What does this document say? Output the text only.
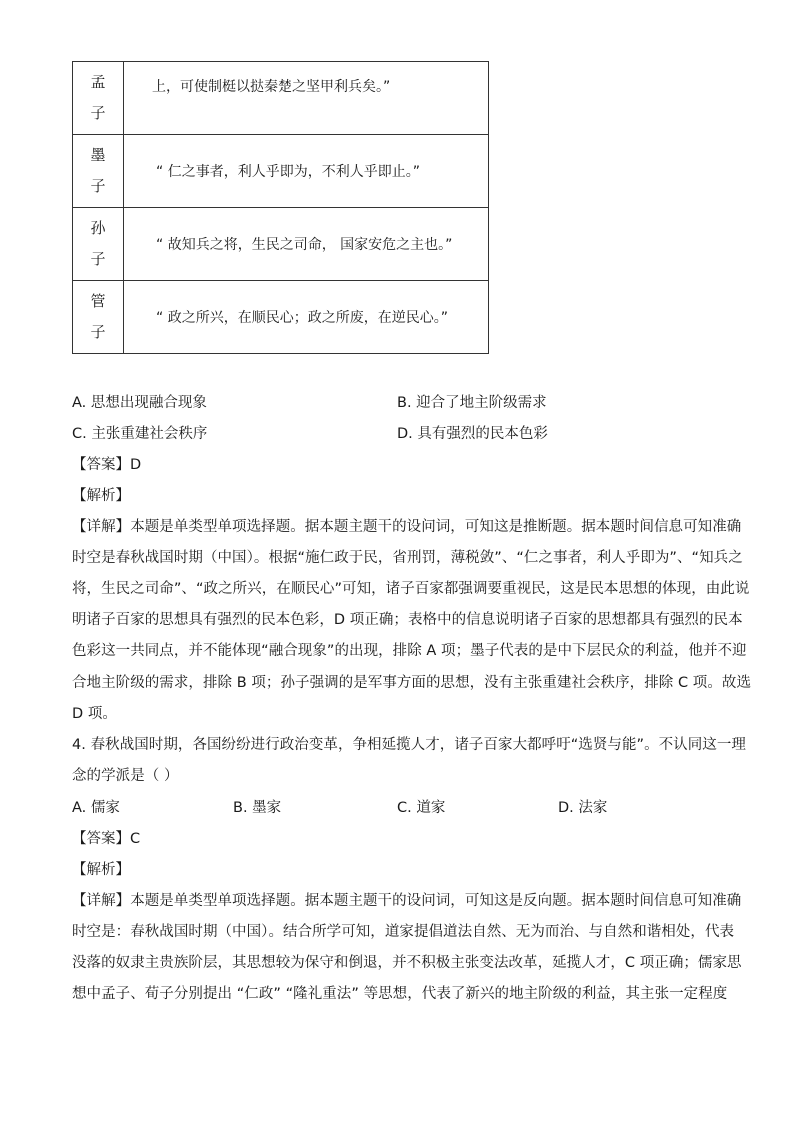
孟
子	上，可使制梃以挞秦楚之坚甲利兵矣。”

墨
子	“ 仁之事者，利人乎即为，不利人乎即止。”

孙
子	“ 故知兵之将，生民之司命， 国家安危之主也。”

管
子	“ 政之所兴，在顺民心；政之所废，在逆民心。”
A. 思想出现融合现象	B. 迎合了地主阶级需求
C. 主张重建社会秩序	D. 具有强烈的民本色彩
【答案】D
【解析】
【详解】本题是单类型单项选择题。据本题主题干的设问词，可知这是推断题。据本题时间信息可知准确
时空是春秋战国时期（中国）。根据“施仁政于民，省刑罚，薄税敛”、“仁之事者，利人乎即为”、“知兵之
将，生民之司命”、“政之所兴，在顺民心”可知，诸子百家都强调要重视民，这是民本思想的体现，由此说
明诸子百家的思想具有强烈的民本色彩，D 项正确；表格中的信息说明诸子百家的思想都具有强烈的民本
色彩这一共同点，并不能体现“融合现象”的出现，排除 A 项；墨子代表的是中下层民众的利益，他并不迎
合地主阶级的需求，排除 B 项；孙子强调的是军事方面的思想，没有主张重建社会秩序，排除 C 项。故选
D 项。
4. 春秋战国时期，各国纷纷进行政治变革，争相延揽人才，诸子百家大都呼吁“选贤与能”。不认同这一理
念的学派是（ ）
A. 儒家	B. 墨家	C. 道家	D. 法家
【答案】C
【解析】
【详解】本题是单类型单项选择题。据本题主题干的设问词，可知这是反向题。据本题时间信息可知准确
时空是：春秋战国时期（中国）。结合所学可知，道家提倡道法自然、无为而治、与自然和谐相处，代表
没落的奴隶主贵族阶层，其思想较为保守和倒退，并不积极主张变法改革，延揽人才，C 项正确；儒家思
想中孟子、荀子分别提出 “仁政” “隆礼重法” 等思想，代表了新兴的地主阶级的利益，其主张一定程度
